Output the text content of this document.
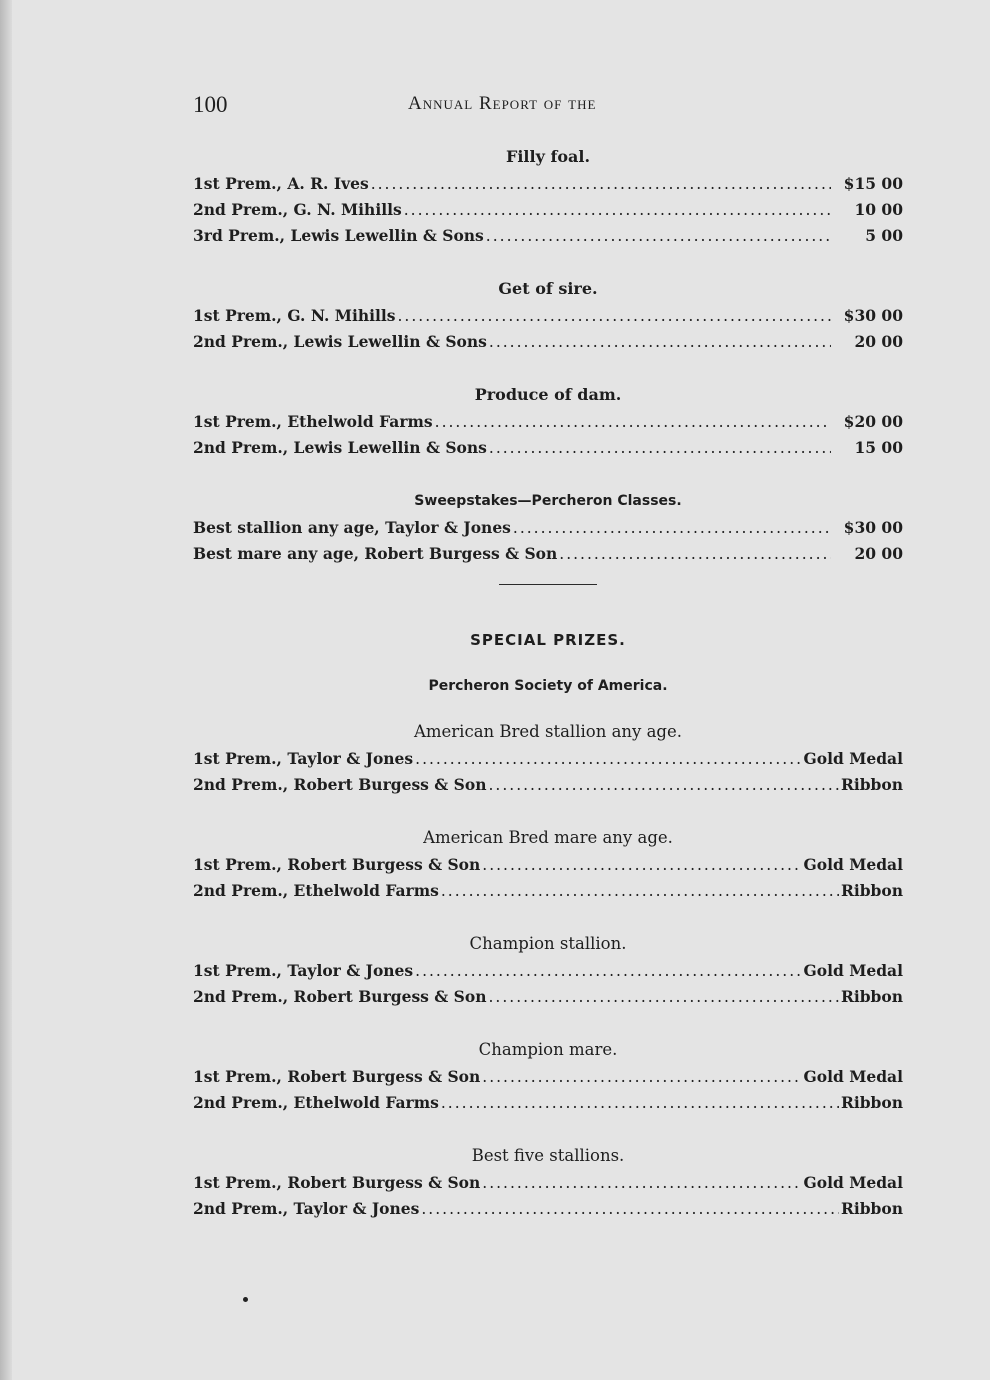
100	Annual Report of the
Filly foal.
1st Prem., A. R. Ives .....	$15 00
2nd Prem., G. N. Mihills .....	10 00
3rd Prem., Lewis Lewellin & Sons .....	5 00
Get of sire.
1st Prem., G. N. Mihills .....	$30 00
2nd Prem., Lewis Lewellin & Sons .....	20 00
Produce of dam.
1st Prem., Ethelwold Farms .....	$20 00
2nd Prem., Lewis Lewellin & Sons .....	15 00
Sweepstakes—Percheron Classes.
Best stallion any age, Taylor & Jones .....	$30 00
Best mare any age, Robert Burgess & Son .....	20 00
SPECIAL PRIZES.
Percheron Society of America.
American Bred stallion any age.
1st Prem., Taylor & Jones .....	Gold Medal
2nd Prem., Robert Burgess & Son .....	Ribbon
American Bred mare any age.
1st Prem., Robert Burgess & Son .....	Gold Medal
2nd Prem., Ethelwold Farms .....	Ribbon
Champion stallion.
1st Prem., Taylor & Jones .....	Gold Medal
2nd Prem., Robert Burgess & Son .....	Ribbon
Champion mare.
1st Prem., Robert Burgess & Son .....	Gold Medal
2nd Prem., Ethelwold Farms .....	Ribbon
Best five stallions.
1st Prem., Robert Burgess & Son .....	Gold Medal
2nd Prem., Taylor & Jones .....	Ribbon
